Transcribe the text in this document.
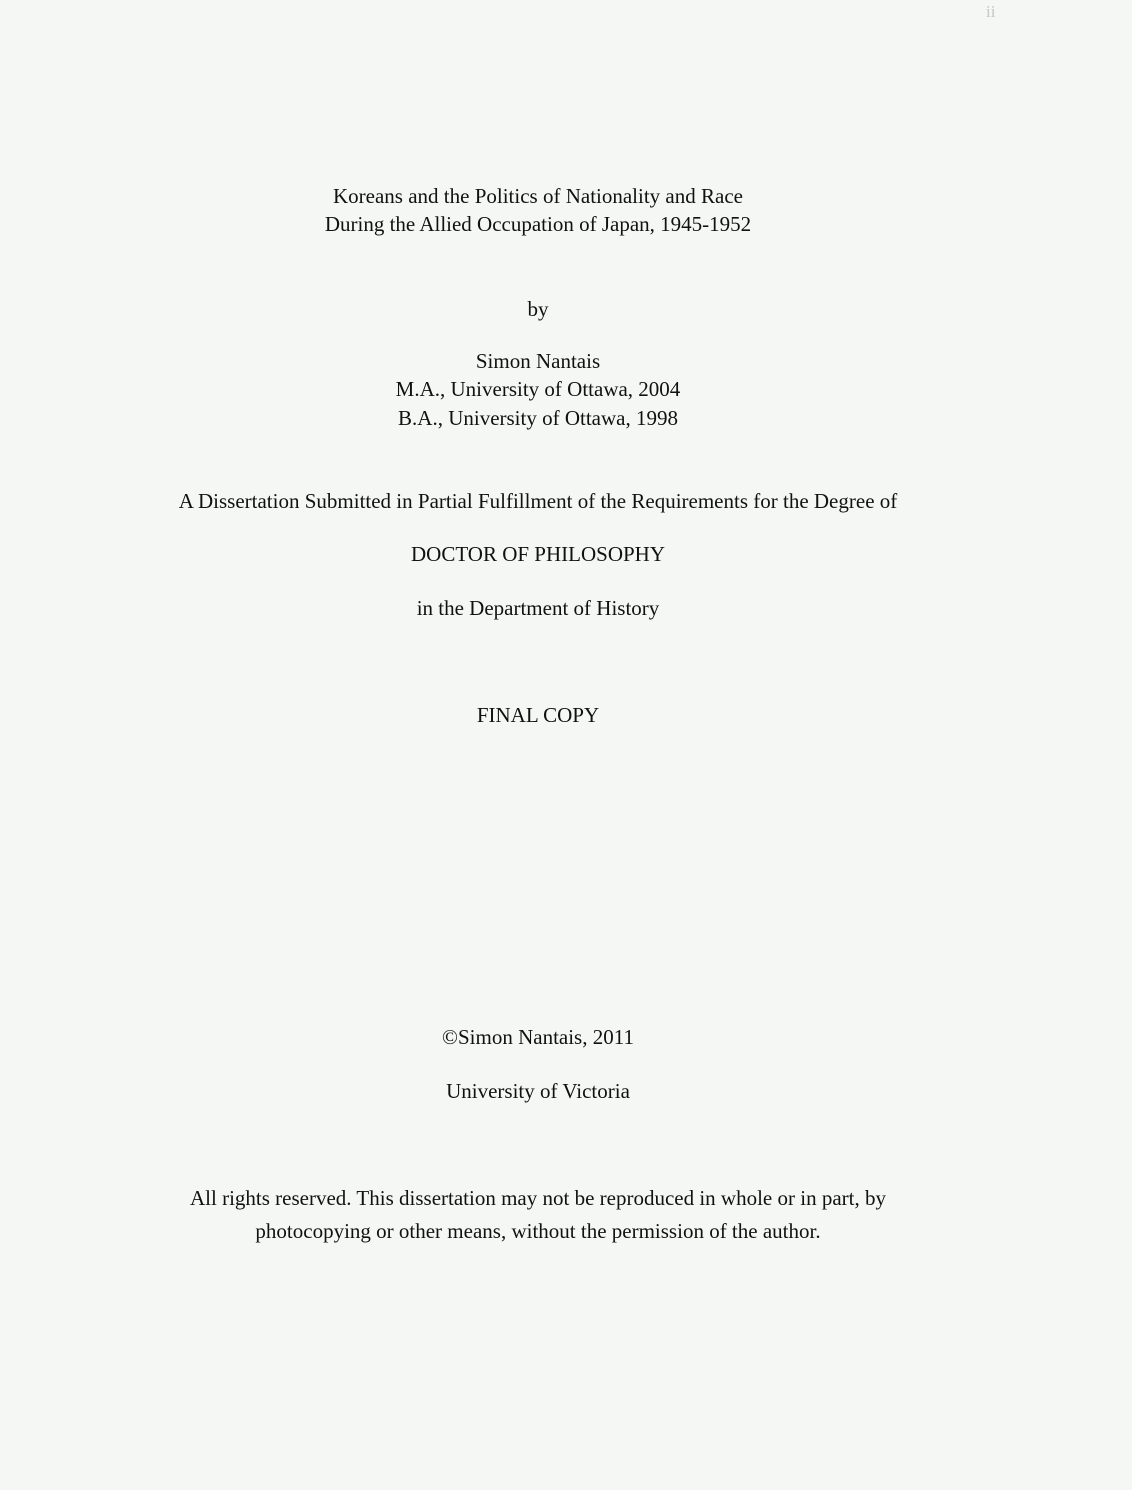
Koreans and the Politics of Nationality and Race
During the Allied Occupation of Japan, 1945-1952
by
Simon Nantais
M.A., University of Ottawa, 2004
B.A., University of Ottawa, 1998
A Dissertation Submitted in Partial Fulfillment of the Requirements for the Degree of
DOCTOR OF PHILOSOPHY
in the Department of History
FINAL COPY
©Simon Nantais, 2011
University of Victoria
All rights reserved. This dissertation may not be reproduced in whole or in part, by
photocopying or other means, without the permission of the author.
ii
